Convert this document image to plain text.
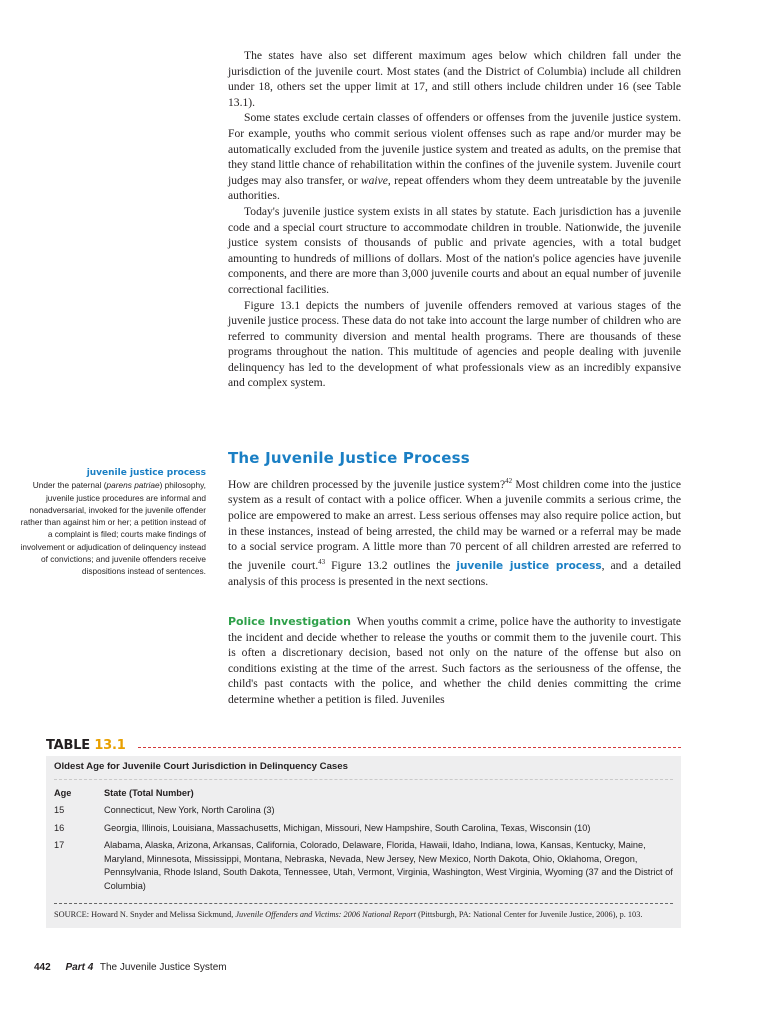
The states have also set different maximum ages below which children fall under the jurisdiction of the juvenile court. Most states (and the District of Columbia) include all children under 18, others set the upper limit at 17, and still others include children under 16 (see Table 13.1).

Some states exclude certain classes of offenders or offenses from the juvenile justice system. For example, youths who commit serious violent offenses such as rape and/or murder may be automatically excluded from the juvenile justice system and treated as adults, on the premise that they stand little chance of rehabilitation within the confines of the juvenile system. Juvenile court judges may also transfer, or waive, repeat offenders whom they deem untreatable by the juvenile authorities.

Today's juvenile justice system exists in all states by statute. Each jurisdiction has a juvenile code and a special court structure to accommodate children in trouble. Nationwide, the juvenile justice system consists of thousands of public and private agencies, with a total budget amounting to hundreds of millions of dollars. Most of the nation's police agencies have juvenile components, and there are more than 3,000 juvenile courts and about an equal number of juvenile correctional facilities.

Figure 13.1 depicts the numbers of juvenile offenders removed at various stages of the juvenile justice process. These data do not take into account the large number of children who are referred to community diversion and mental health programs. There are thousands of these programs throughout the nation. This multitude of agencies and people dealing with juvenile delinquency has led to the development of what professionals view as an incredibly expansive and complex system.

The Juvenile Justice Process
juvenile justice process
Under the paternal (parens patriae) philosophy, juvenile justice procedures are informal and nonadversarial, invoked for the juvenile offender rather than against him or her; a petition instead of a complaint is filed; courts make findings of involvement or adjudication of delinquency instead of convictions; and juvenile offenders receive dispositions instead of sentences.

How are children processed by the juvenile justice system?$^{42}$ Most children come into the justice system as a result of contact with a police officer. When a juvenile commits a serious crime, the police are empowered to make an arrest. Less serious offenses may also require police action, but in these instances, instead of being arrested, the child may be warned or a referral may be made to a social service program. A little more than 70 percent of all children arrested are referred to the juvenile court.$^{43}$ Figure 13.2 outlines the juvenile justice process, and a detailed analysis of this process is presented in the next sections.

Police Investigation When youths commit a crime, police have the authority to investigate the incident and decide whether to release the youths or commit them to the juvenile court. This is often a discretionary decision, based not only on the nature of the offense but also on conditions existing at the time of the arrest. Such factors as the seriousness of the offense, the child's past contacts with the police, and whether the child denies committing the crime determine whether a petition is filed. Juveniles

TABLE 13.1
Oldest Age for Juvenile Court Jurisdiction in Delinquency Cases
Age	State (Total Number)
15	Connecticut, New York, North Carolina (3)
16	Georgia, Illinois, Louisiana, Massachusetts, Michigan, Missouri, New Hampshire, South Carolina, Texas, Wisconsin (10)
17	Alabama, Alaska, Arizona, Arkansas, California, Colorado, Delaware, Florida, Hawaii, Idaho, Indiana, Iowa, Kansas, Kentucky, Maine, Maryland, Minnesota, Mississippi, Montana, Nebraska, Nevada, New Jersey, New Mexico, North Dakota, Ohio, Oklahoma, Oregon, Pennsylvania, Rhode Island, South Dakota, Tennessee, Utah, Vermont, Virginia, Washington, West Virginia, Wyoming (37 and the District of Columbia)
SOURCE: Howard N. Snyder and Melissa Sickmund, Juvenile Offenders and Victims: 2006 National Report (Pittsburgh, PA: National Center for Juvenile Justice, 2006), p. 103.
442 Part 4 The Juvenile Justice System
